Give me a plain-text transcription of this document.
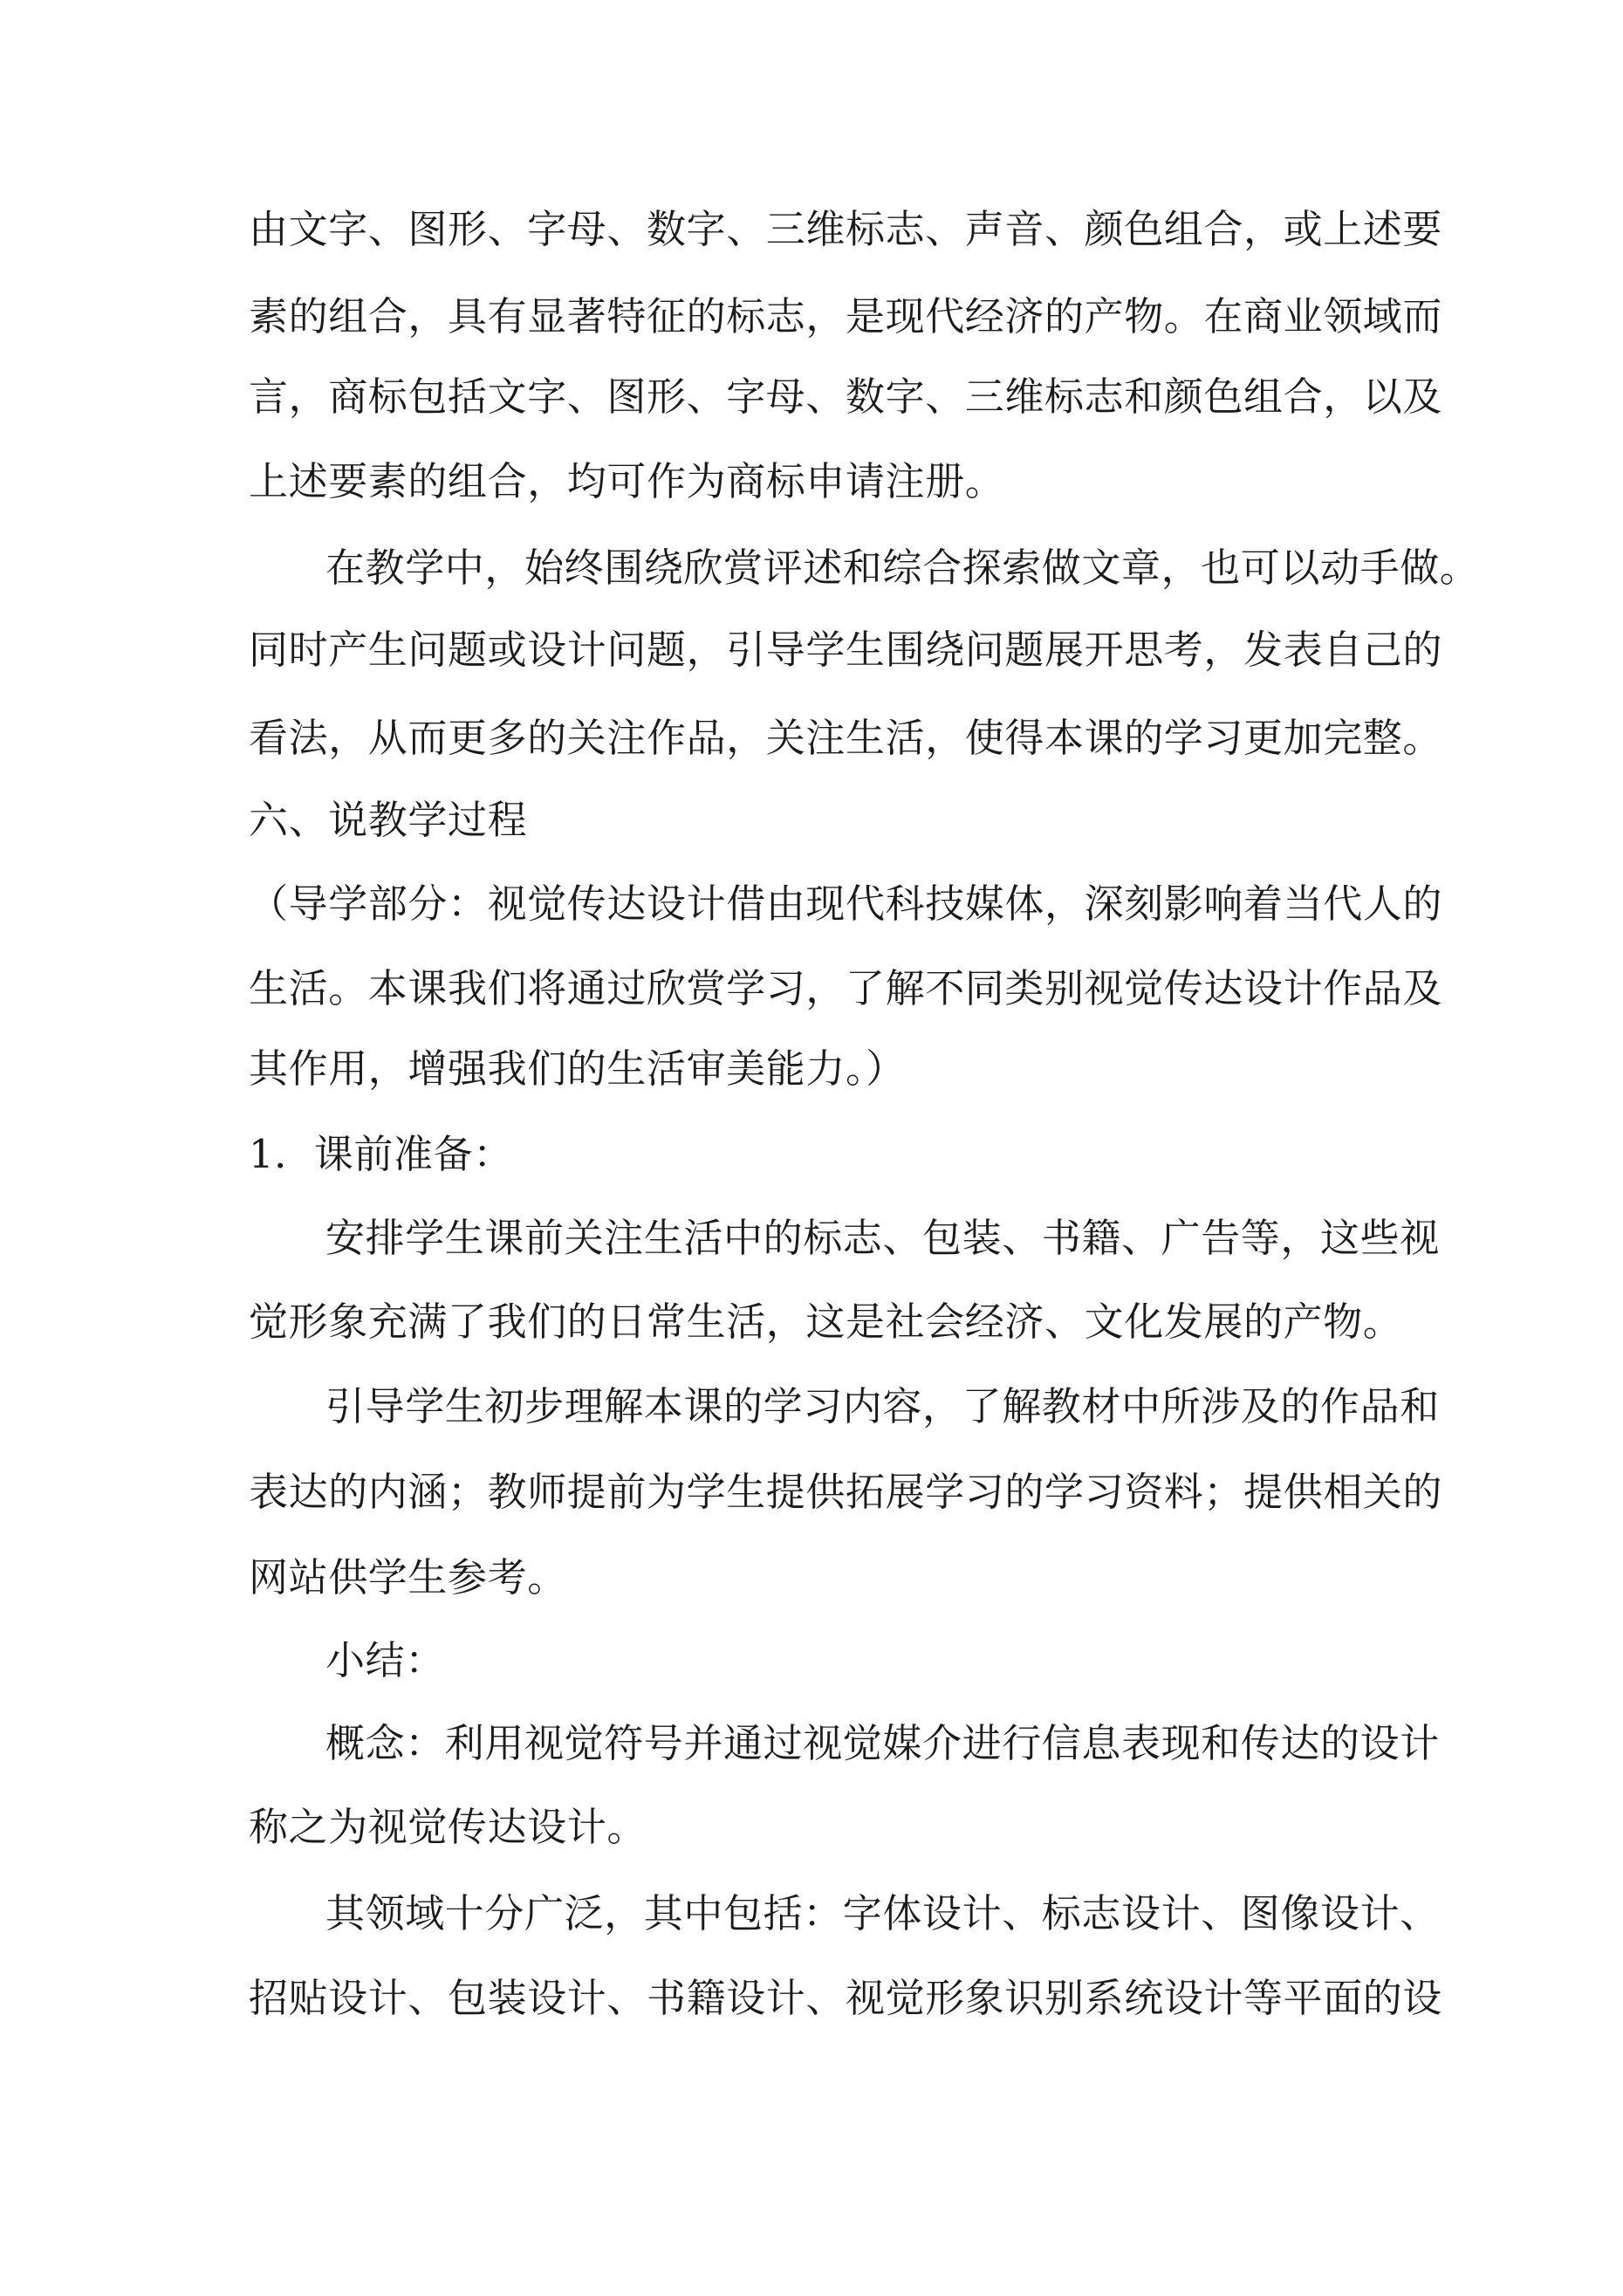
由文字、图形、字母、数字、三维标志、声音、颜色组合，或上述要
素的组合，具有显著特征的标志，是现代经济的产物。在商业领域而
言，商标包括文字、图形、字母、数字、三维标志和颜色组合，以及
上述要素的组合，均可作为商标申请注册。
在教学中，始终围绕欣赏评述和综合探索做文章，也可以动手做。
同时产生问题或设计问题，引导学生围绕问题展开思考，发表自己的
看法，从而更多的关注作品，关注生活，使得本课的学习更加完整。
六、说教学过程
（导学部分：视觉传达设计借由现代科技媒体，深刻影响着当代人的
生活。本课我们将通过欣赏学习，了解不同类别视觉传达设计作品及
其作用，增强我们的生活审美能力。）
1．课前准备：
安排学生课前关注生活中的标志、包装、书籍、广告等，这些视
觉形象充满了我们的日常生活，这是社会经济、文化发展的产物。
引导学生初步理解本课的学习内容，了解教材中所涉及的作品和
表达的内涵；教师提前为学生提供拓展学习的学习资料；提供相关的
网站供学生参考。
小结：
概念：利用视觉符号并通过视觉媒介进行信息表现和传达的设计
称之为视觉传达设计。
其领域十分广泛，其中包括：字体设计、标志设计、图像设计、
招贴设计、包装设计、书籍设计、视觉形象识别系统设计等平面的设
